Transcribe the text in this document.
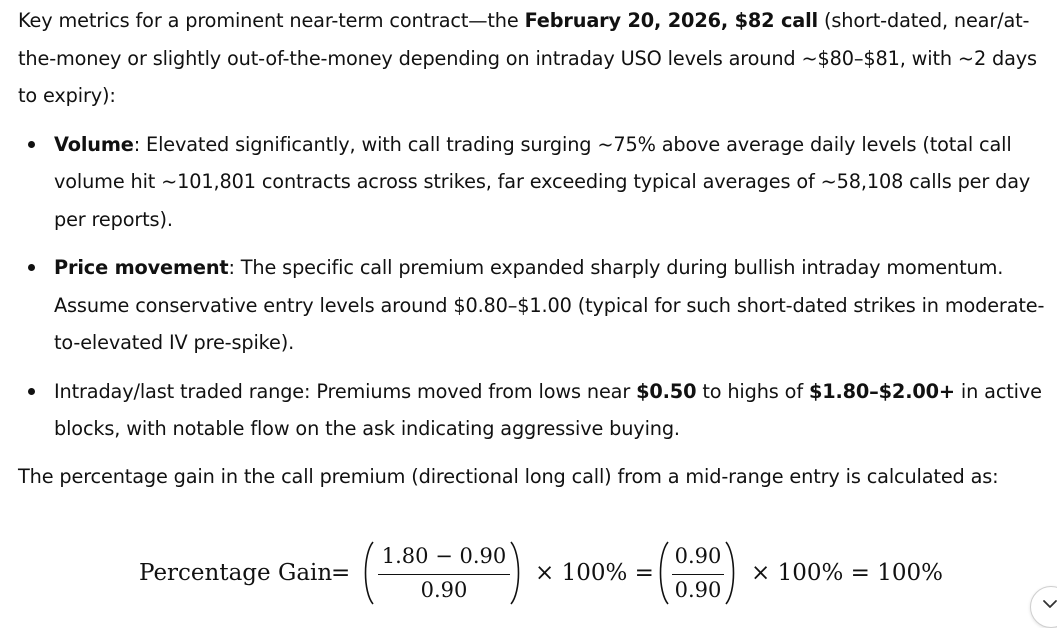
Key metrics for a prominent near-term contract—the February 20, 2026, $82 call (short-dated, near/at-the-money or slightly out-of-the-money depending on intraday USO levels around ~$80–$81, with ~2 days to expiry):

Volume: Elevated significantly, with call trading surging ~75% above average daily levels (total call volume hit ~101,801 contracts across strikes, far exceeding typical averages of ~58,108 calls per day per reports).
Price movement: The specific call premium expanded sharply during bullish intraday momentum. Assume conservative entry levels around $0.80–$1.00 (typical for such short-dated strikes in moderate-to-elevated IV pre-spike).
Intraday/last traded range: Premiums moved from lows near $0.50 to highs of $1.80–$2.00+ in active blocks, with notable flow on the ask indicating aggressive buying.

The percentage gain in the call premium (directional long call) from a mid-range entry is calculated as:

Percentage Gain
=
1.80 − 0.90
0.90
× 100% =
0.90
0.90
× 100% = 100%
